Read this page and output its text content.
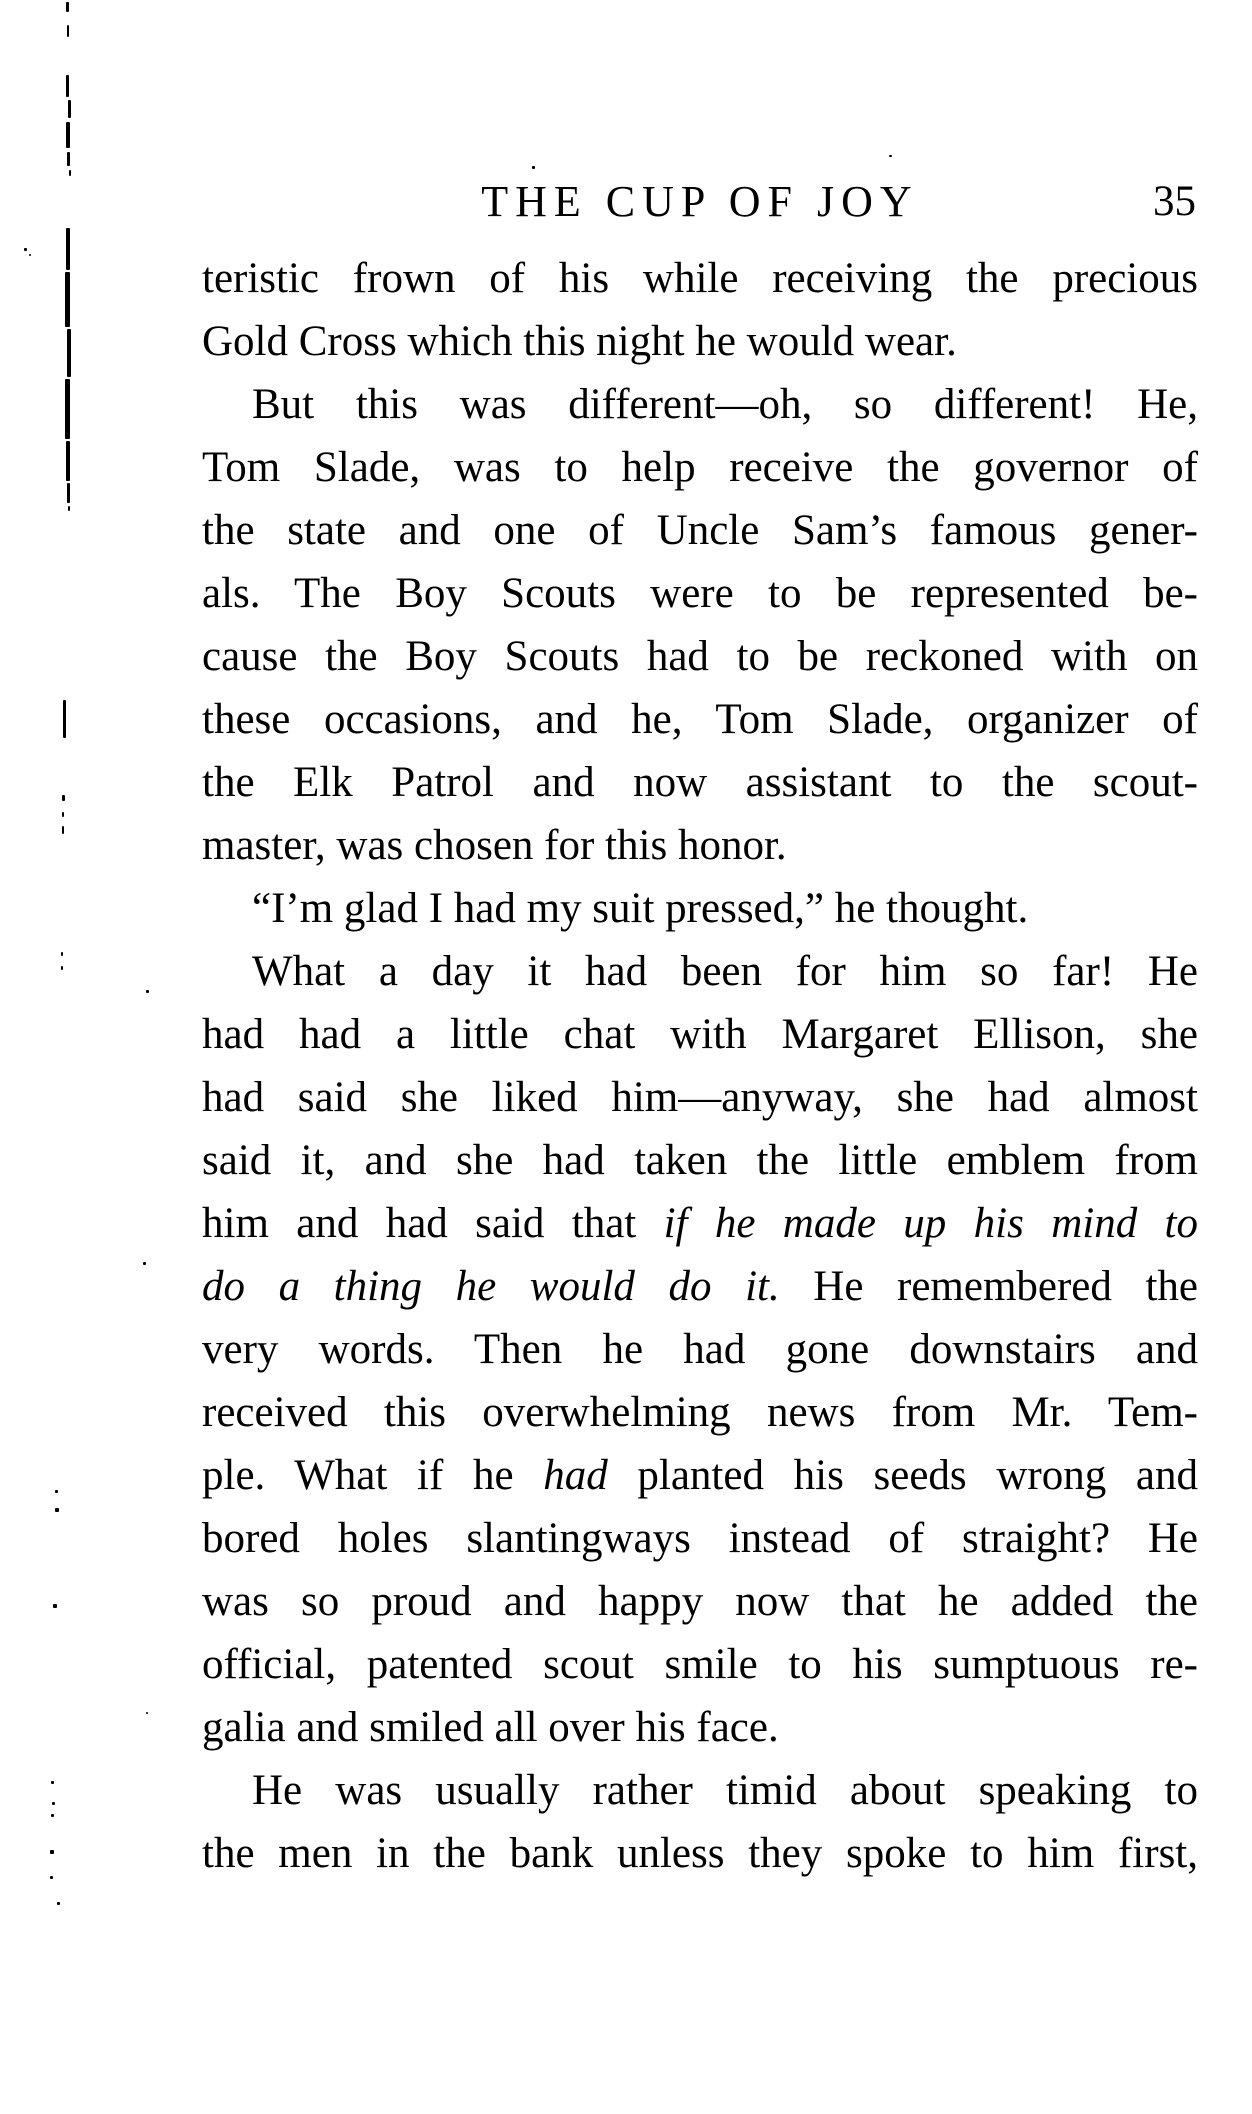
THE CUP OF JOY	35
teristic frown of his while receiving the precious
Gold Cross which this night he would wear.
But this was different—oh, so different! He,
Tom Slade, was to help receive the governor of
the state and one of Uncle Sam’s famous gener-
als. The Boy Scouts were to be represented be-
cause the Boy Scouts had to be reckoned with on
these occasions, and he, Tom Slade, organizer of
the Elk Patrol and now assistant to the scout-
master, was chosen for this honor.
“I’m glad I had my suit pressed,” he thought.
What a day it had been for him so far! He
had had a little chat with Margaret Ellison, she
had said she liked him—anyway, she had almost
said it, and she had taken the little emblem from
him and had said that if he made up his mind to
do a thing he would do it. He remembered the
very words. Then he had gone downstairs and
received this overwhelming news from Mr. Tem-
ple. What if he had planted his seeds wrong and
bored holes slantingways instead of straight? He
was so proud and happy now that he added the
official, patented scout smile to his sumptuous re-
galia and smiled all over his face.
He was usually rather timid about speaking to
the men in the bank unless they spoke to him first,
